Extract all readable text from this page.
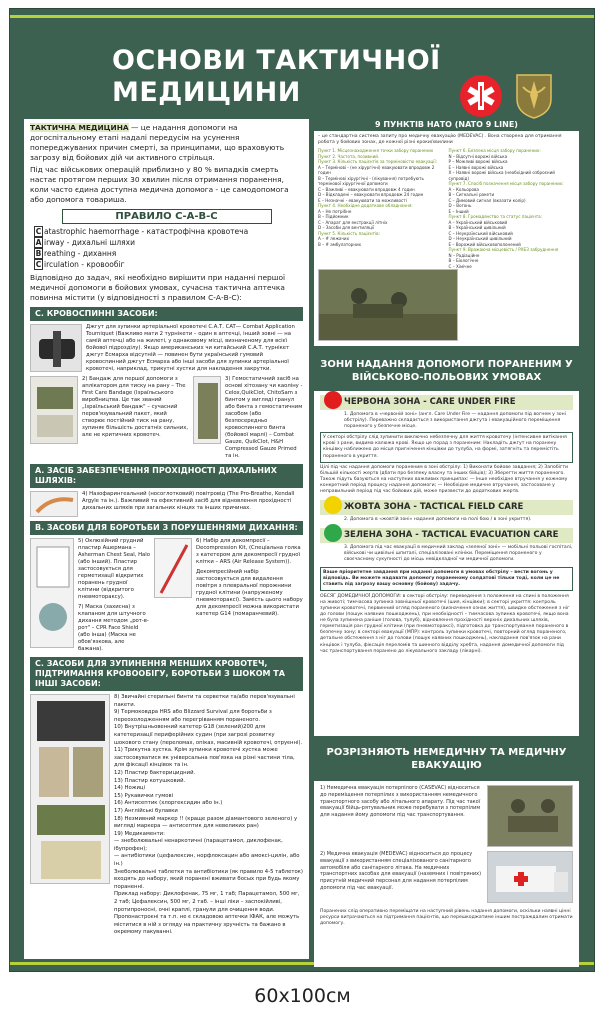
ОСНОВИ ТАКТИЧНОЇ
МЕДИЦИНИ
ТАКТИЧНА МЕДИЦИНА — це надання допомоги на догоспітальному етапі надалі передусім на усунення попереджуваних причин смерті, за принципами, що враховують загрозу від бойових дій чи активного стрільця.
Під час військових операцій приблизно у 80 % випадків смерть настає протягом перших 30 хвилин після отримання поранення, коли часто єдина доступна медична допомога - це самодопомога або допомога товариша.
ПРАВИЛО С-А-В-С
C atastrophic haemorrhage - катастрофічна кровотеча
A irway - дихальні шляхи
B reathing - дихання
C irculation - кровообіг
Відповідно до задач, які необхідно вирішити при наданні першої медичної допомоги в бойових умовах, сучасна тактична аптечка повинна містити (у відповідності з правилом С-А-В-С):
С. КРОВОСПИННІ ЗАСОБИ:
Джгут для зупинки артеріальної кровотечі С.А.Т. CAT— Combat Application Tourniquet (Важливо мати 2 турнікети – один в аптечці, інший зовні — на самій аптечці або на жилеті, у однаковому місці, визначеному для всієї бойової підрозділу). Якщо американських чи китайський С.А.Т. турнікет джгут Есмарха відсутній — повинен бути український гумовий кровоспинний джгут Есмарха або інші засоби для зупинки артеріальної кровотечі, наприклад, трикутні хустки для накладення закрутки.
2) Бандаж для першої допомоги з аплікатором для тиску на рану – The First Care Bandage (Ізраїльського виробництва. Це так званий „Ізраїльський бандаж" – сучасний перев'язувальний пакет, який створює постійний тиск на рану, зупиняє більшість достатніх сильних, але не критичних кровотеч.
3) Гемостатичний засіб на основі хітозану чи каоліну - Celox,QuikClot, ChitoSam з бинтом у вигляді гранул або бинта з гемостатичним засобом (або безпосередньо кровоспинного бинта (бойової марлі) – Combat Gauze, QuikClot, H&H Compressed Gauze Primed та ін.
А. ЗАСІБ ЗАБЕЗПЕЧЕННЯ ПРОХІДНОСТІ ДИХАЛЬНИХ ШЛЯХІВ:
4) Назофарингеальний (носоглотковий) повітровід (The Pro-Breathe, Kendall Argyle та ін.). Важливий та ефективний засіб для відновлення прохідності дихальних шляхів при загальних кінцях та інших причинах.
В. ЗАСОБИ ДЛЯ БОРОТЬБИ З ПОРУШЕННЯМИ ДИХАННЯ:
5) Оклюзійний грудний пластир Ашермана – Asherman Chest Seal, Halo (або інший). Пластир застосовується для герметизації відкритих поранень грудної клітини (відкритого пневмотораксу).
7) Маска (захисна) з клапаном для штучного дихання методом „рот-в-рот" – CPR Face Shield (або інша) (Маска не обов'язкова, але бажана).
6) Набір для декомпресії – Decompression Kit, (Спеціальна голка з катетером для декомпресії грудної клітки – ARS (Air Release System)).
Декомпресійний набір застосовується для видалення повітря з плевральної порожнини грудної клітини (напруженому пневмотораксі). Замість цього набору для декомпресії можна використати катетер G14 (помаранчевий).
С. ЗАСОБИ ДЛЯ ЗУПИНЕННЯ МЕНШИХ КРОВОТЕЧ, ПІДТРИМАННЯ КРОВООБІГУ, БОРОТЬБИ З ШОКОМ ТА ІНШІ ЗАСОБИ:
8) Звичайні стерильні бинти та серветки та/або перев'язувальні пакети.
9) Термоковдра HRS або Blizzard Survival для боротьби з переохолодженням або перегріванням пораненого.
10) Внутрішньовенний катетер G18 (зелений)200 для катетеризації периферійних судин (при загрозі розвитку шокового стану (переломах, опіках, масивній кровотечі, отруєнні).
11) Трикутна хустка. Крім зупинки кровотечі хустка може застосовуватися як універсальна пов'язка на різні частини тіла, для фіксації кінцівок та ін.
12) Пластир бактерицидний.
13) Пластир котушковий.
14) Ножиці
15) Рукавички гумові
16) Антисептик (хлоргексидин або ін.)
17) Англійські булавки
18) Незмивний маркер !! (краще разом діамантового зеленого) у вигляді маркера — антисептик для невеликих ран)
19) Медикаменти:
— знеболювальні ненаркотичні (парацетамол, диклофенак, ібупрофен);
— антибіотики (цефалексин, норфлоксацин або амоксі-цилін, або ін.)
Знеболювальні таблетки та антибіотики (як правило 4-5 таблеток) входять до набору, який поранені вживати босых при будь якому пораненні.
Приклад набору: Диклофенак, 75 мг, 1 таб; Парацетамол, 500 мг, 2 таб; Цефалексин, 500 мг, 2 таб. – інші ліки – заспокійливі, протипроносні, очні краплі, гранули для очищення води. Пропонастроєні та т.п. не є складовою аптечки ІФАК, але можуть міститися в ній з огляду на практичну зручність та бажано в окремому пакуванні.
9 ПУНКТІВ НАТО (NATO 9 LINE)
– це стандартна система запиту про медичну евакуацію (MEDEVAC) . Вона створена для отримання робота у бойових зонах, де кожної різні кроки/хвилини
Пункт 1. Місцезнаходження точки забору поранених
Пункт 2. Частота, позивний.
Пункт 3. Кількість пацієнтів за терміновістю евакуації:
А – Термінові - (не хірургічні) евакуювати впродовж 2 годин
В – Термінові хірургічні - (лікування) потребують термінової хірургічної допомоги
С – Важливі – евакуювати впродовж 4 годин
D – Відкладені – евакуювати впродовж 24 годин
Е – Незначні - евакуювати за можливості
Пункт 4. Необхідне додаткове обладнання:
А – Не потрібне
В – Підйомник
С – Апарат для екстракції літніх
D – Засоби для вентиляції
Пункт 5. Кількість пацієнтів:
А – # лежачих
В – # амбулаторних
Пункт 6. Безпека місця забору поранених:
N – Відсутні ворожі війська
P – Можливі ворожі війська
E – Наявні ворожі війська
Х – Наявні ворожі війська (необхідний озброєний супровід)
Пункт 7. Спосіб позначення місця забору поранених:
А – Кольорова
В – Сигнальні ракети
С – Димовий сигнал (вказати колір)
D – Вогонь
Е – Інший
Пункт 8. Громадянство та статус пацієнта:
А – Український військовий
В – Український цивільний
С – Неукраїнський військовий
D – Неукраїнський цивільний
Е – Ворожий військовополонений
Пункт 9. Вражаюча місцевість / РХБЗ забруднення
N – Радіаційне
В – Біологічне
С – Хімічне
ЗОНИ НАДАННЯ ДОПОМОГИ ПОРАНЕНИМ У ВІЙСЬКОВО-ПОЛЬОВИХ УМОВАХ
ЧЕРВОНА ЗОНА - CARE UNDER FIRE
1. Допомога в «червоній зоні» (англ. Care Under Fire — надання допомоги під вогнем у зоні обстрілу). Переважно складається з використання джгута і евакуаційного переміщення пораненого у безпечне місце.
У секторі обстрілу слід зупинити виключно небезпечну для життя кровотечу (інтенсивне витікання крові з рани, видима калюжа крові. Якщо це порад з пораненим: Накладіть джгут на поранену кінцівку наближено до місця пригнічення кінцівки до тулуба, на формі, затягніть та перемістіть пораненого в укриття.
Цілі під час надання допомоги пораненим в зоні обстрілу: 1) Виконати бойове завдання; 2) Запобігти більшій кількості жертв (дбати про безпеку власну та інших бійців); 3) Зберегти життя пораненого. Також підуть базуються на наступних важливих принципах: — Інше необхідне втручання у кожному конкретний період процесу надання допомоги; — Необхідне медичне втручання, застосоване у неправильний період під час бойових дій, може призвести до додаткових жертв.
ЖОВТА ЗОНА - TACTICAL FIELD CARE
2. Допомога в «жовтій зоні» надання допомоги на полі бою / в зоні укриття).
ЗЕЛЕНА ЗОНА - TACTICAL EVACUATION CARE
3. Допомога під час евакуації в медичний заклад «зеленої зоні» — мобільні польові госпіталі, військові чи цивільні шпиталі, спеціалізовані клініки. Переміщення пораненого у своєчасному сукупності до місць невідкладної чи медичної допомоги.
Ваше пріоритетне завдання при наданні допомоги в умовах обстрілу – вести вогонь у відповідь. Ви можете надавати допомогу пораненому солдатові тільки тоді, коли це не ставить під загрозу вашу основну (бойову) задачу.
ОБСЯГ ДОМЕДИЧНОЇ ДОПОМОГИ: в секторі обстрілу: переведення з положення на спині в положення на животі; тимчасова зупинка зовнішньої кровотечі (шия, кінцівки); в секторі укриття: контроль зупинки кровотечі, первинний огляд пораненого (визначення ознак життя), швидке обстеження з ніг до голови (пошук наявних пошкоджень), при необхідності – тимчасова зупинка кровотечі, якщо вона не була зупинена раніше (голова, тулуб), відновлення прохідності верхніх дихальних шляхів, герметизація ран грудної клітини (при пневмотораксі), підготовка до транспортування пораненого в безпечну зону; в секторі евакуації (МПР): контроль зупинки кровотечі, повторний огляд пораненого, детальне обстеження з ніг до голови (пошук наявних пошкоджень), накладання пов'язок на рани кінцівок і тулуба, фіксація переломів та шинного відділу хребта, надання домедичної допомоги під час транспортування поранено до лікувального закладу (лікарні).
РОЗРІЗНЯЮТЬ НЕМЕДИЧНУ ТА МЕДИЧНУ ЕВАКУАЦІЮ
1) Немедична евакуація потерпілого (CASEVAC) відноситься до переміщення потерпілих з використанням немедичного транспортного засобу або літального апарату. Під час такої евакуації бійць-рятувальник може перебувати з потерпілим для надання йому допомоги під час транспортування.
2) Медична евакуація (MEDEVAC) відноситься до процесу евакуації з використанням спеціалізованого санітарного автомобіля або санітарного літака. На медичних транспортних засобах для евакуації (наземних і повітряних) присутній медичний персонал для надання потерпілим допомоги під час евакуації.
Поранених слід оперативно переміщати на наступний рівень надання допомоги, оскільки наявні цінні ресурси витрачаються на підтримання пацієнтів, що перешкоджатиме іншим постраждалим отримати допомогу.
60х100см
